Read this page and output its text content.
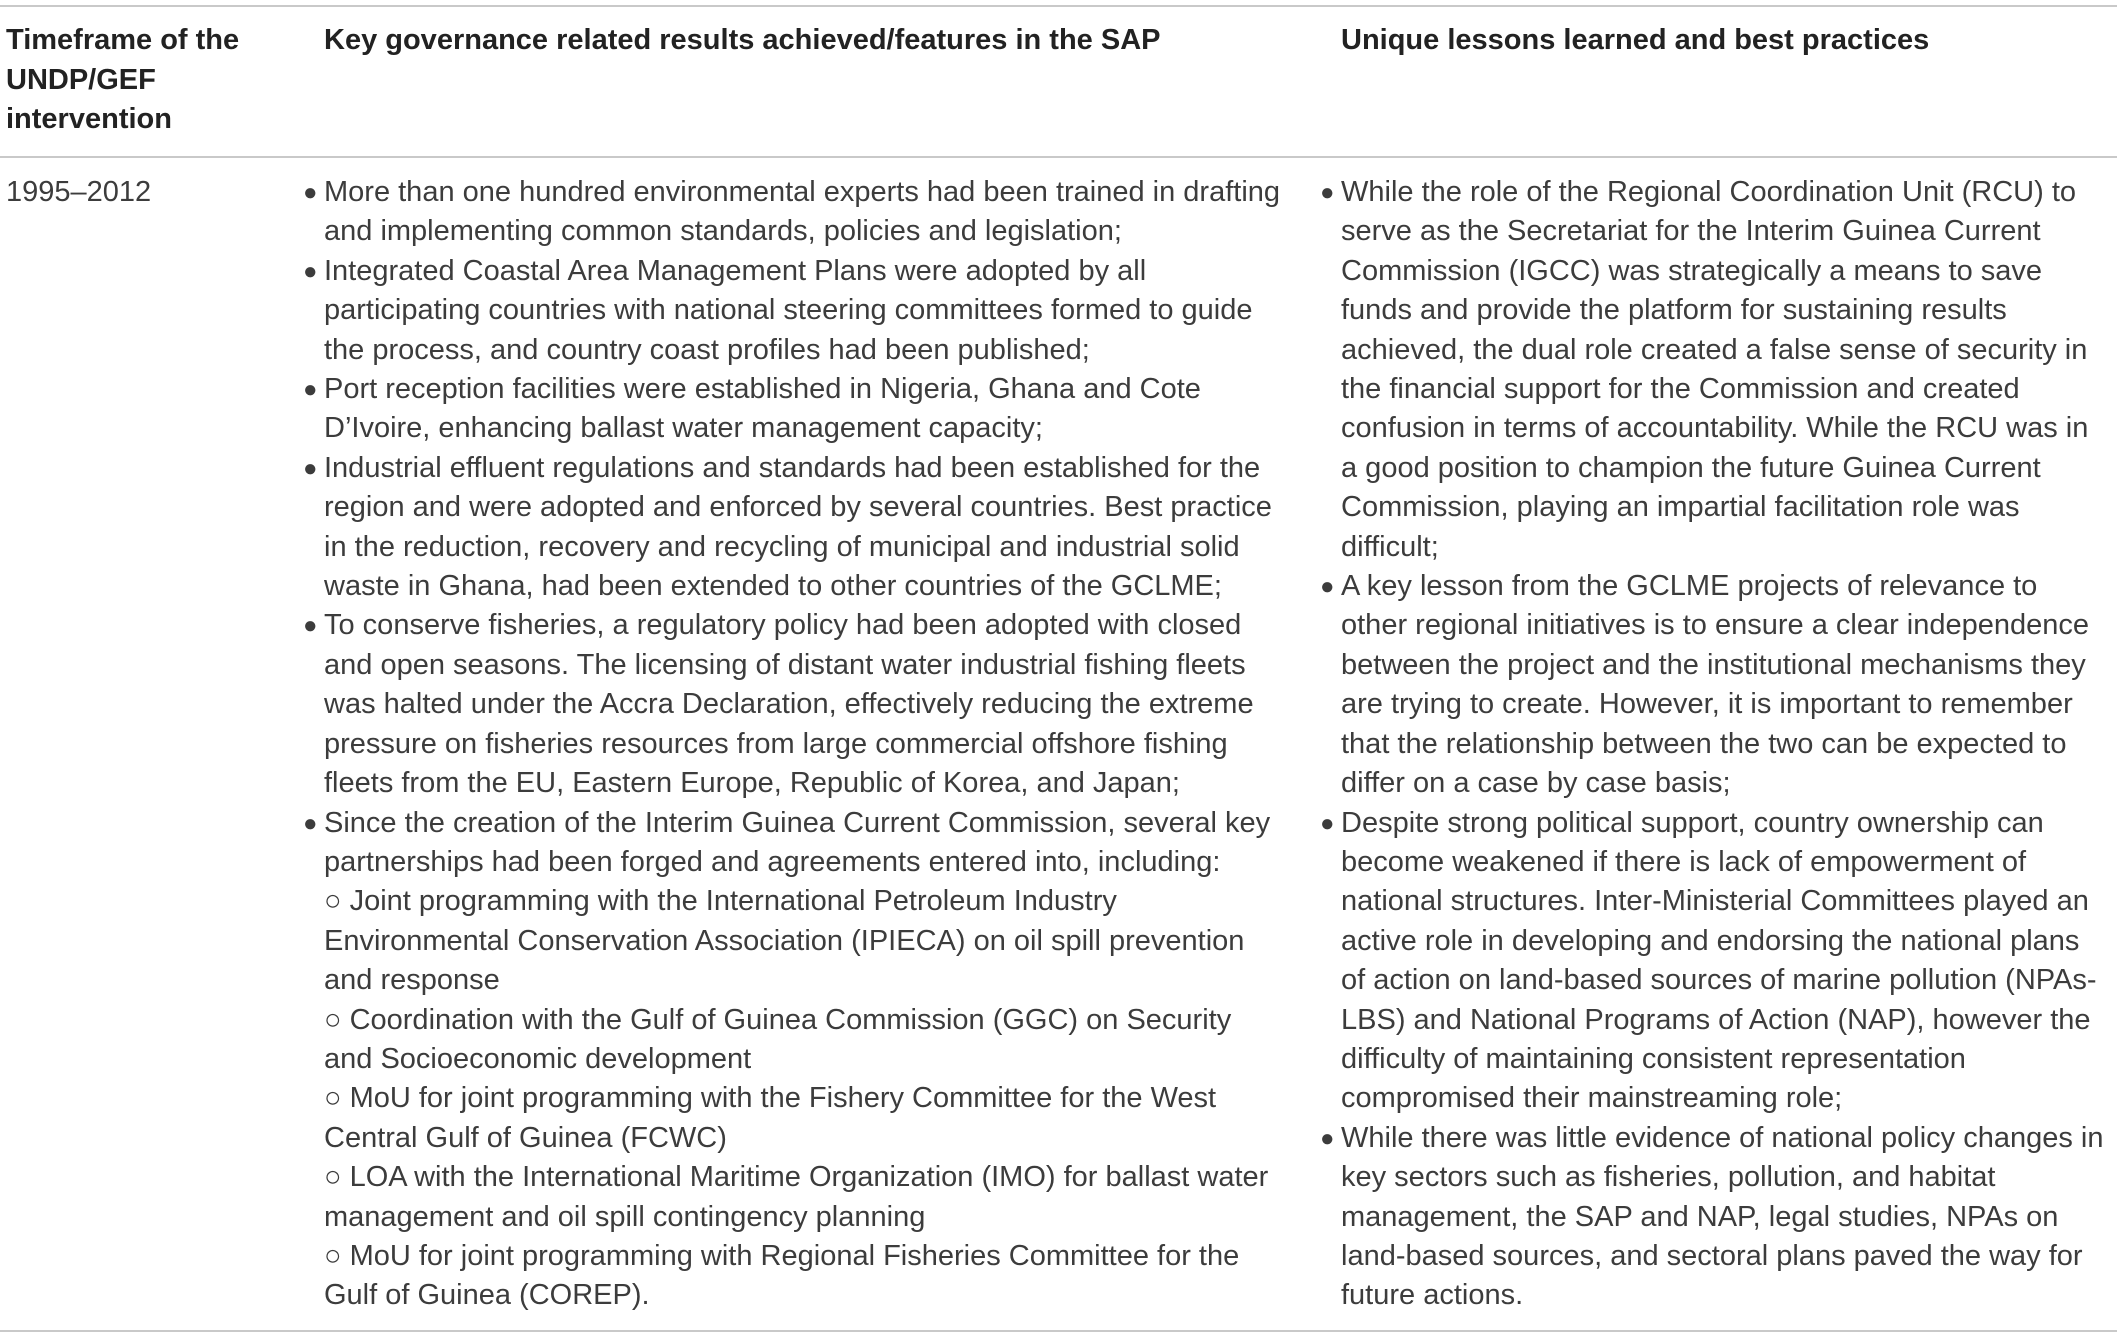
Timeframe of the UNDP/GEF intervention
Key governance related results achieved/features in the SAP	Unique lessons learned and best practices
1995–2012	● More than one hundred environmental experts had been trained in drafting and implementing common standards, policies and legislation;
● Integrated Coastal Area Management Plans were adopted by all participating countries with national steering committees formed to guide the process, and country coast profiles had been published;
● Port reception facilities were established in Nigeria, Ghana and Cote D’Ivoire, enhancing ballast water management capacity;
● Industrial effluent regulations and standards had been established for the region and were adopted and enforced by several countries. Best practice in the reduction, recovery and recycling of municipal and industrial solid waste in Ghana, had been extended to other countries of the GCLME;
● To conserve fisheries, a regulatory policy had been adopted with closed and open seasons. The licensing of distant water industrial fishing fleets was halted under the Accra Declaration, effectively reducing the extreme pressure on fisheries resources from large commercial offshore fishing fleets from the EU, Eastern Europe, Republic of Korea, and Japan;
● Since the creation of the Interim Guinea Current Commission, several key partnerships had been forged and agreements entered into, including:
○ Joint programming with the International Petroleum Industry Environmental Conservation Association (IPIECA) on oil spill prevention and response
○ Coordination with the Gulf of Guinea Commission (GGC) on Security and Socioeconomic development
○ MoU for joint programming with the Fishery Committee for the West Central Gulf of Guinea (FCWC)
○ LOA with the International Maritime Organization (IMO) for ballast water management and oil spill contingency planning
○ MoU for joint programming with Regional Fisheries Committee for the Gulf of Guinea (COREP).
● While the role of the Regional Coordination Unit (RCU) to serve as the Secretariat for the Interim Guinea Current Commission (IGCC) was strategically a means to save funds and provide the platform for sustaining results achieved, the dual role created a false sense of security in the financial support for the Commission and created confusion in terms of accountability. While the RCU was in a good position to champion the future Guinea Current Commission, playing an impartial facilitation role was difficult;
● A key lesson from the GCLME projects of relevance to other regional initiatives is to ensure a clear independence between the project and the institutional mechanisms they are trying to create. However, it is important to remember that the relationship between the two can be expected to differ on a case by case basis;
● Despite strong political support, country ownership can become weakened if there is lack of empowerment of national structures. Inter-Ministerial Committees played an active role in developing and endorsing the national plans of action on land-based sources of marine pollution (NPAs-LBS) and National Programs of Action (NAP), however the difficulty of maintaining consistent representation compromised their mainstreaming role;
● While there was little evidence of national policy changes in key sectors such as fisheries, pollution, and habitat management, the SAP and NAP, legal studies, NPAs on land-based sources, and sectoral plans paved the way for future actions.
